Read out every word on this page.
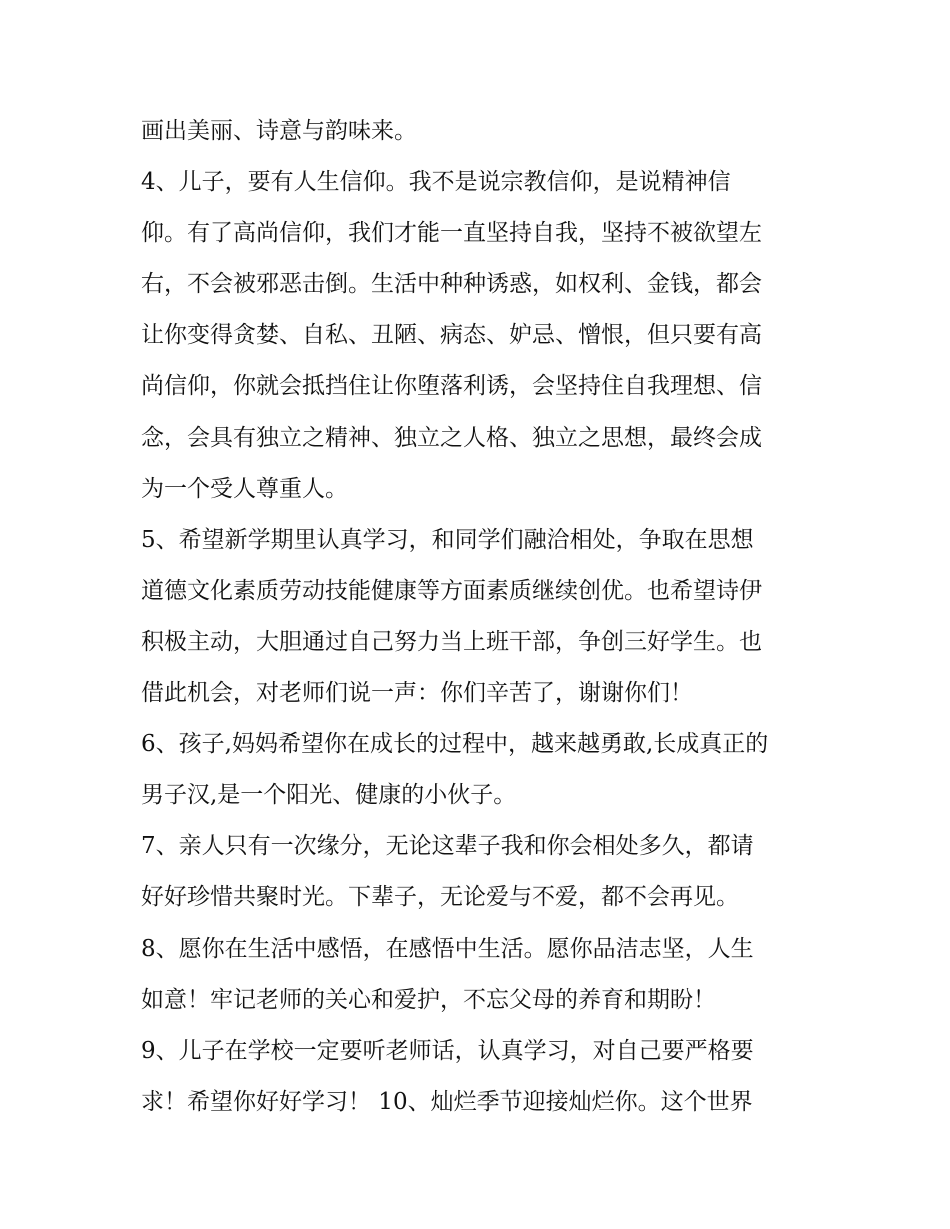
画出美丽、诗意与韵味来。
4、儿子，要有人生信仰。我不是说宗教信仰，是说精神信
仰。有了高尚信仰，我们才能一直坚持自我，坚持不被欲望左
右，不会被邪恶击倒。生活中种种诱惑，如权利、金钱，都会
让你变得贪婪、自私、丑陋、病态、妒忌、憎恨，但只要有高
尚信仰，你就会抵挡住让你堕落利诱，会坚持住自我理想、信
念，会具有独立之精神、独立之人格、独立之思想，最终会成
为一个受人尊重人。
5、希望新学期里认真学习，和同学们融洽相处，争取在思想
道德文化素质劳动技能健康等方面素质继续创优。也希望诗伊
积极主动，大胆通过自己努力当上班干部，争创三好学生。也
借此机会，对老师们说一声：你们辛苦了，谢谢你们！
6、孩子,妈妈希望你在成长的过程中，越来越勇敢,长成真正的
男子汉,是一个阳光、健康的小伙子。
7、亲人只有一次缘分，无论这辈子我和你会相处多久，都请
好好珍惜共聚时光。下辈子，无论爱与不爱，都不会再见。
8、愿你在生活中感悟，在感悟中生活。愿你品洁志坚，人生
如意！牢记老师的关心和爱护，不忘父母的养育和期盼！
9、儿子在学校一定要听老师话，认真学习，对自己要严格要
求！希望你好好学习！ 10、灿烂季节迎接灿烂你。这个世界
